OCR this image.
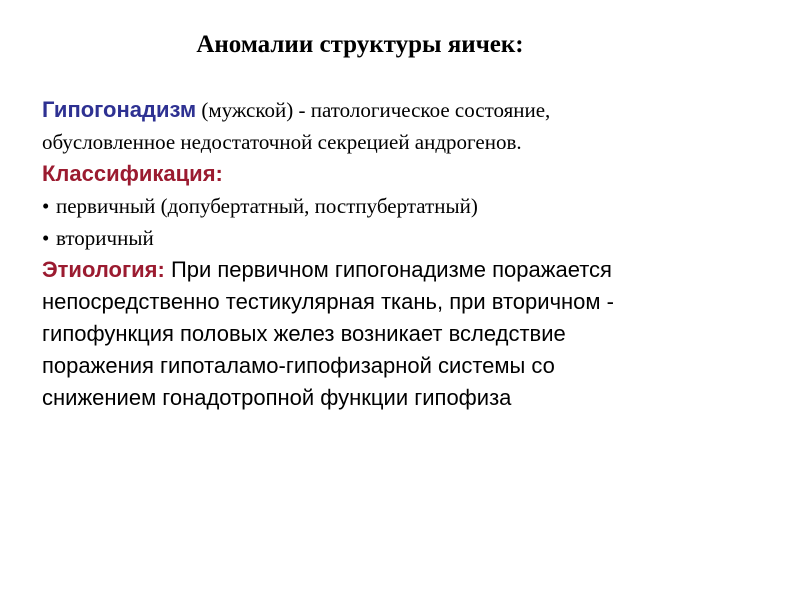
Аномалии структуры яичек:
Гипогонадизм (мужской) - патологическое состояние,
обусловленное недостаточной секрецией андрогенов.
Классификация:
• первичный (допубертатный, постпубертатный)
• вторичный
Этиология: При первичном гипогонадизме поражается
непосредственно тестикулярная ткань, при вторичном -
гипофункция половых желез возникает вследствие
поражения гипоталамо-гипофизарной системы со
снижением гонадотропной функции гипофиза
